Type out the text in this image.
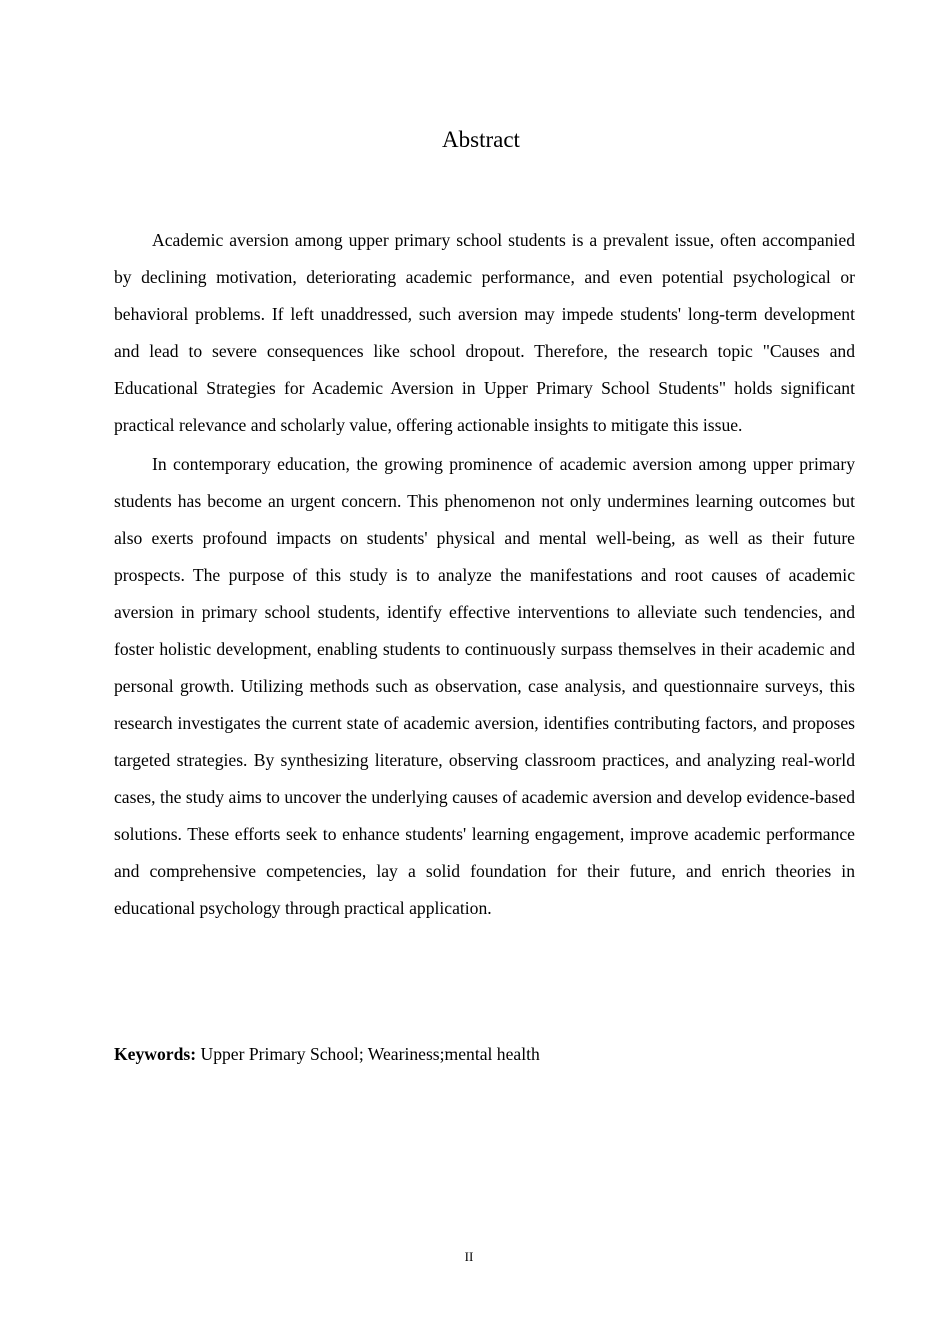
Abstract

Academic aversion among upper primary school students is a prevalent issue, often accompanied by declining motivation, deteriorating academic performance, and even potential psychological or behavioral problems. If left unaddressed, such aversion may impede students' long-term development and lead to severe consequences like school dropout. Therefore, the research topic "Causes and Educational Strategies for Academic Aversion in Upper Primary School Students" holds significant practical relevance and scholarly value, offering actionable insights to mitigate this issue.

In contemporary education, the growing prominence of academic aversion among upper primary students has become an urgent concern. This phenomenon not only undermines learning outcomes but also exerts profound impacts on students' physical and mental well-being, as well as their future prospects. The purpose of this study is to analyze the manifestations and root causes of academic aversion in primary school students, identify effective interventions to alleviate such tendencies, and foster holistic development, enabling students to continuously surpass themselves in their academic and personal growth. Utilizing methods such as observation, case analysis, and questionnaire surveys, this research investigates the current state of academic aversion, identifies contributing factors, and proposes targeted strategies. By synthesizing literature, observing classroom practices, and analyzing real-world cases, the study aims to uncover the underlying causes of academic aversion and develop evidence-based solutions. These efforts seek to enhance students' learning engagement, improve academic performance and comprehensive competencies, lay a solid foundation for their future, and enrich theories in educational psychology through practical application.

Keywords: Upper Primary School; Weariness;mental health

II
